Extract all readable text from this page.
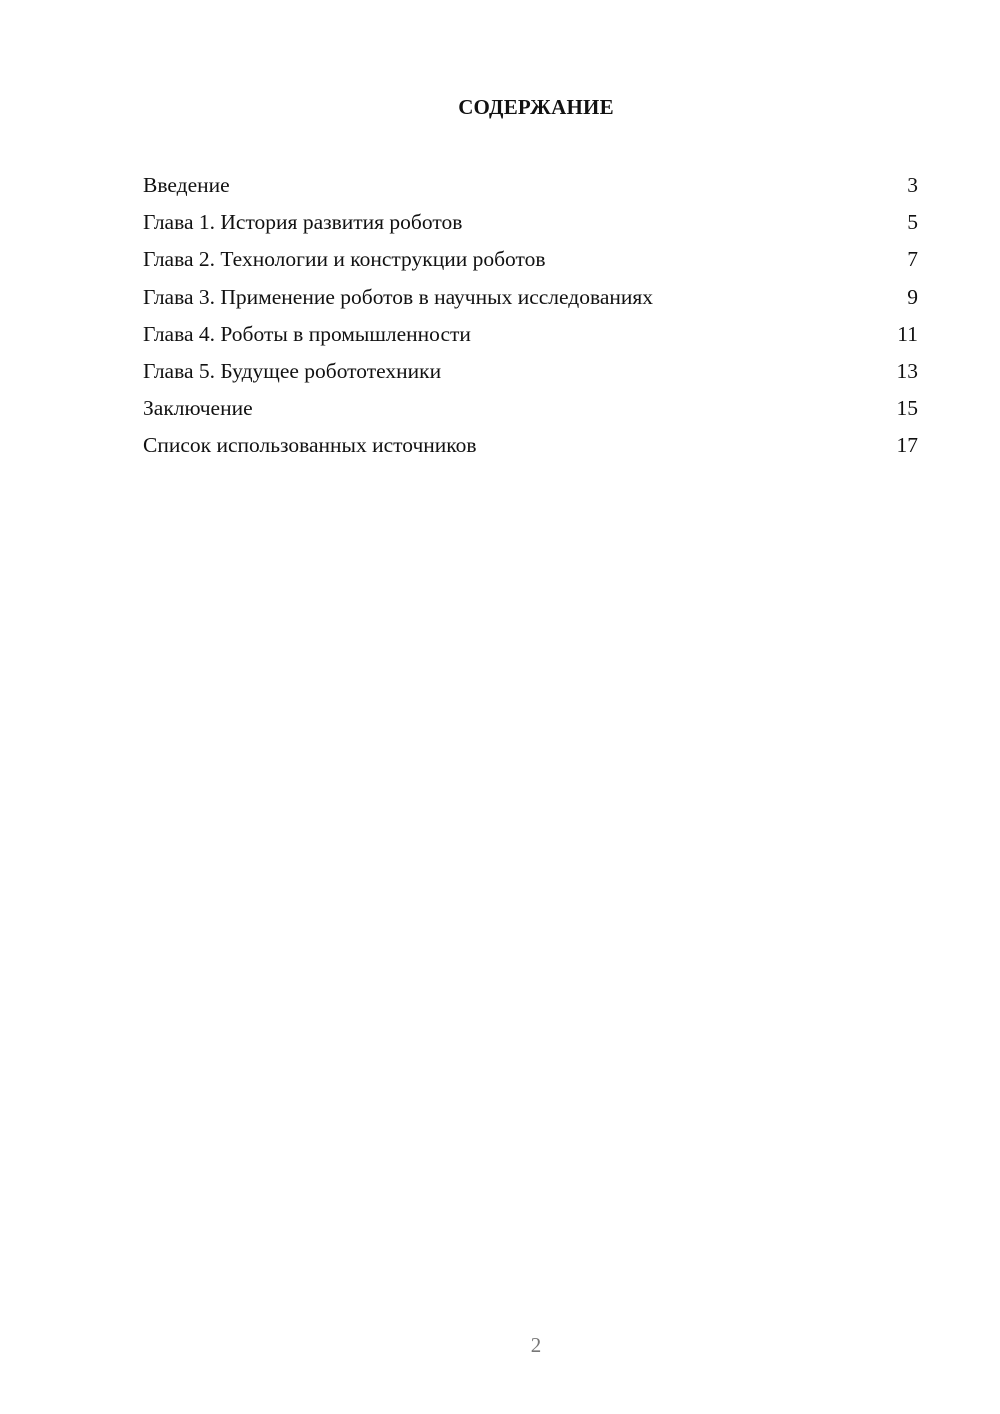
СОДЕРЖАНИЕ
Введение	3
Глава 1. История развития роботов	5
Глава 2. Технологии и конструкции роботов	7
Глава 3. Применение роботов в научных исследованиях	9
Глава 4. Роботы в промышленности	11
Глава 5. Будущее робототехники	13
Заключение	15
Список использованных источников	17
2
